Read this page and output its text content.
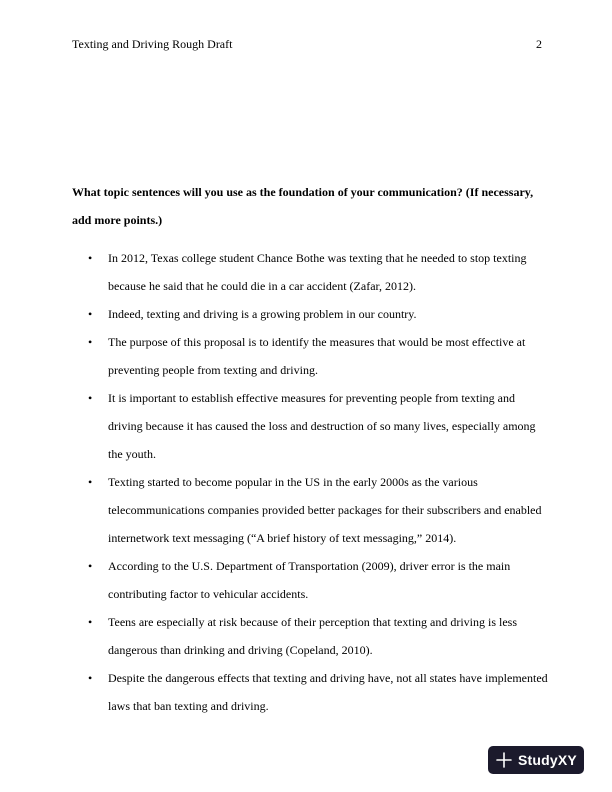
Texting and Driving Rough Draft	2

What topic sentences will you use as the foundation of your communication? (If necessary, add more points.)

• In 2012, Texas college student Chance Bothe was texting that he needed to stop texting because he said that he could die in a car accident (Zafar, 2012).
• Indeed, texting and driving is a growing problem in our country.
• The purpose of this proposal is to identify the measures that would be most effective at preventing people from texting and driving.
• It is important to establish effective measures for preventing people from texting and driving because it has caused the loss and destruction of so many lives, especially among the youth.
• Texting started to become popular in the US in the early 2000s as the various telecommunications companies provided better packages for their subscribers and enabled internetwork text messaging (“A brief history of text messaging,” 2014).
• According to the U.S. Department of Transportation (2009), driver error is the main contributing factor to vehicular accidents.
• Teens are especially at risk because of their perception that texting and driving is less dangerous than drinking and driving (Copeland, 2010).
• Despite the dangerous effects that texting and driving have, not all states have implemented laws that ban texting and driving.
StudyXY
